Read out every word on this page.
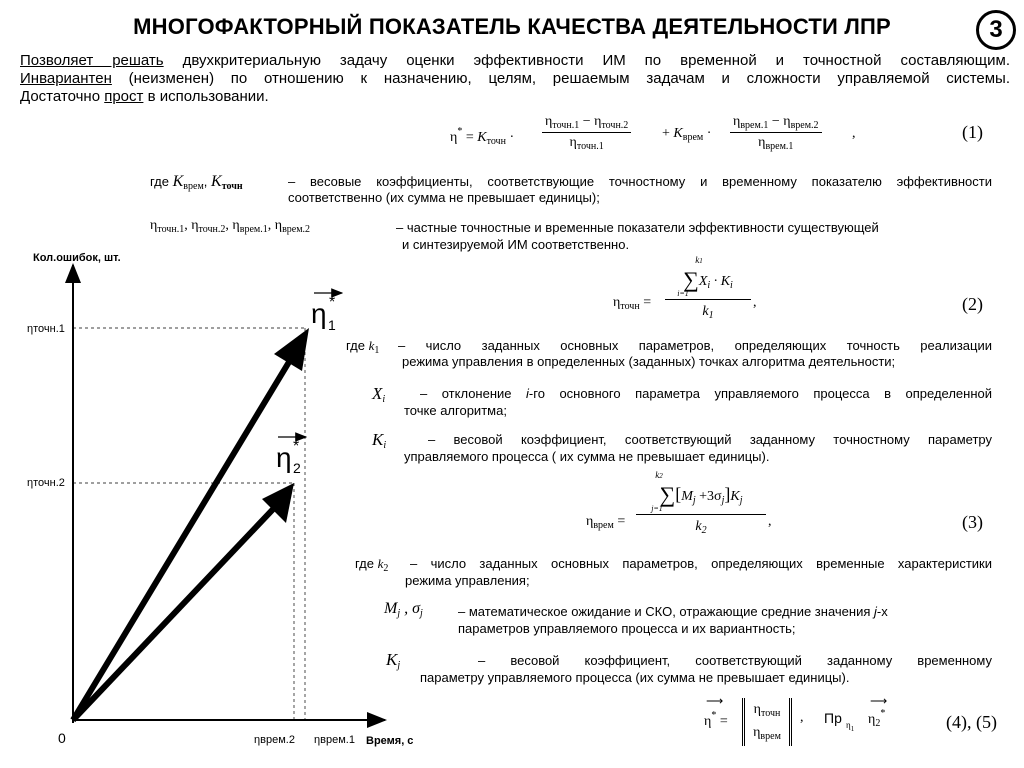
МНОГОФАКТОРНЫЙ ПОКАЗАТЕЛЬ КАЧЕСТВА ДЕЯТЕЛЬНОСТИ ЛПР	3

Позволяет решать двухкритериальную задачу оценки эффективности ИМ по временной и точностной составляющим.

Инвариантен (неизменен) по отношению к назначению, целям, решаемым задачам и сложности управляемой системы.

Достаточно прост в использовании.

$\eta^* = K_{точн}$ ·
$\eta_{точн.1} - \eta_{точн.2}$
$\eta_{точн.1}$
+ $K_{врем}$ ·
$\eta_{врем.1} - \eta_{врем.2}$
$\eta_{врем.1}$
,	(1)
где $K_{врем}$, $K_{точн}$	– весовые коэффициенты, соответствующие точностному и временному показателю эффективности соответственно (их сумма не превышает единицы);
$\eta_{точн.1}$, $\eta_{точн.2}$, $\eta_{врем.1}$, $\eta_{врем.2}$	– частные точностные и временные показатели эффективности существующей
и синтезируемой ИМ соответственно.
$\eta_{точн}$ =
k1
$\sum X_i \cdot K_i$
i=1
$k_1$
,	(2)
где $k_1$ – число заданных основных параметров, определяющих точность реализации
режима управления в определенных (заданных) точках алгоритма деятельности;
$X_i$	– отклонение i-го основного параметра управляемого процесса в определенной
точке алгоритма;
$K_i$	– весовой коэффициент, соответствующий заданному точностному параметру
управляемого процесса ( их сумма не превышает единицы).
$\eta_{врем}$ =
k2
$\sum[M_j +3\sigma_j]K_j$
j=1
$k_2$
,	(3)
где $k_2$ – число заданных основных параметров, определяющих временные характеристики
режима управления;
$M_j$ , $\sigma_j$	– математическое ожидание и СКО, отражающие средние значения j-х
параметров управляемого процесса и их вариантность;
$K_j$	– весовой коэффициент, соответствующий заданному временному
параметру управляемого процесса (их сумма не превышает единицы).
⟶
η* =
$\eta_{точн}$
$\eta_{врем}$
, Пр $\eta_1$
⟶
$\eta_2^*$	(4), (5)
η 1
*
η 2
*
Кол.ошибок, шт.
Время, с
0
ηточн.1
ηточн.2
ηврем.2 ηврем.1
